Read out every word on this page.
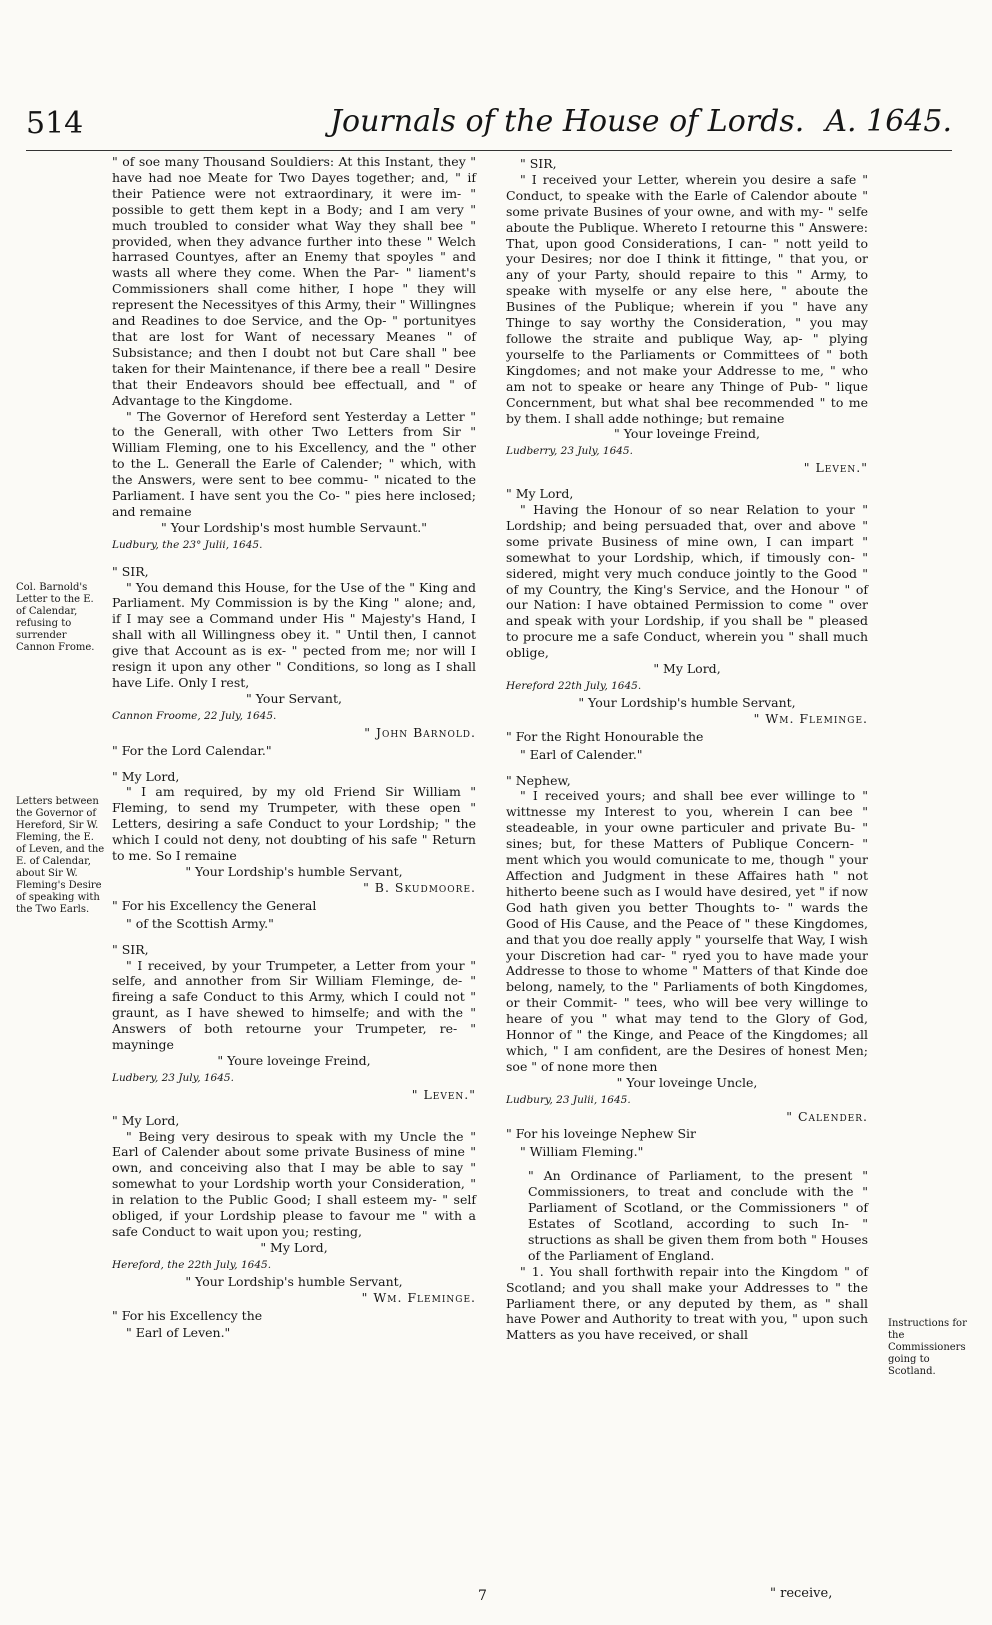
514	Journals of the House of Lords. A. 1645.
Col. Barnold's Letter to the E. of Calendar, refusing to surrender Cannon Frome.
Letters between the Governor of Hereford, Sir W. Fleming, the E. of Leven, and the E. of Calendar, about Sir W. Fleming's Desire of speaking with the Two Earls.
Instructions for the Commissioners going to Scotland.

" of soe many Thousand Souldiers: At this Instant, they " have had noe Meate for Two Dayes together; and, " if their Patience were not extraordinary, it were im- " possible to gett them kept in a Body; and I am very " much troubled to consider what Way they shall bee " provided, when they advance further into these " Welch harrased Countyes, after an Enemy that spoyles " and wasts all where they come. When the Par- " liament's Commissioners shall come hither, I hope " they will represent the Necessityes of this Army, their " Willingnes and Readines to doe Service, and the Op- " portunityes that are lost for Want of necessary Meanes " of Subsistance; and then I doubt not but Care shall " bee taken for their Maintenance, if there bee a reall " Desire that their Endeavors should bee effectuall, and " of Advantage to the Kingdome.

" The Governor of Hereford sent Yesterday a Letter " to the Generall, with other Two Letters from Sir " William Fleming, one to his Excellency, and the " other to the L. Generall the Earle of Calender; " which, with the Answers, were sent to bee commu- " nicated to the Parliament. I have sent you the Co- " pies here inclosed; and remaine

" Your Lordship's most humble Servaunt."

Ludbury, the 23° Julii, 1645.

" SIR,

" You demand this House, for the Use of the " King and Parliament. My Commission is by the King " alone; and, if I may see a Command under His " Majesty's Hand, I shall with all Willingness obey it. " Until then, I cannot give that Account as is ex- " pected from me; nor will I resign it upon any other " Conditions, so long as I shall have Life. Only I rest,

" Your Servant,

Cannon Froome, 22 July, 1645.

" John Barnold.

" For the Lord Calendar."

" My Lord,

" I am required, by my old Friend Sir William " Fleming, to send my Trumpeter, with these open " Letters, desiring a safe Conduct to your Lordship; " the which I could not deny, not doubting of his safe " Return to me. So I remaine

" Your Lordship's humble Servant,

" B. Skudmoore.

" For his Excellency the General

" of the Scottish Army."

" SIR,

" I received, by your Trumpeter, a Letter from your " selfe, and annother from Sir William Fleminge, de- " fireing a safe Conduct to this Army, which I could not " graunt, as I have shewed to himselfe; and with the " Answers of both retourne your Trumpeter, re- " mayninge

" Youre loveinge Freind,

Ludbery, 23 July, 1645.

" Leven."

" My Lord,

" Being very desirous to speak with my Uncle the " Earl of Calender about some private Business of mine " own, and conceiving also that I may be able to say " somewhat to your Lordship worth your Consideration, " in relation to the Public Good; I shall esteem my- " self obliged, if your Lordship please to favour me " with a safe Conduct to wait upon you; resting,

" My Lord,

Hereford, the 22th July, 1645.

" Your Lordship's humble Servant,

" Wm. Fleminge.

" For his Excellency the

" Earl of Leven."

" SIR,

" I received your Letter, wherein you desire a safe " Conduct, to speake with the Earle of Calendor aboute " some private Busines of your owne, and with my- " selfe aboute the Publique. Whereto I retourne this " Answere: That, upon good Considerations, I can- " nott yeild to your Desires; nor doe I think it fittinge, " that you, or any of your Party, should repaire to this " Army, to speake with myselfe or any else here, " aboute the Busines of the Publique; wherein if you " have any Thinge to say worthy the Consideration, " you may followe the straite and publique Way, ap- " plying yourselfe to the Parliaments or Committees of " both Kingdomes; and not make your Addresse to me, " who am not to speake or heare any Thinge of Pub- " lique Concernment, but what shal bee recommended " to me by them. I shall adde nothinge; but remaine

" Your loveinge Freind,

Ludberry, 23 July, 1645.

" Leven."

" My Lord,

" Having the Honour of so near Relation to your " Lordship; and being persuaded that, over and above " some private Business of mine own, I can impart " somewhat to your Lordship, which, if timously con- " sidered, might very much conduce jointly to the Good " of my Country, the King's Service, and the Honour " of our Nation: I have obtained Permission to come " over and speak with your Lordship, if you shall be " pleased to procure me a safe Conduct, wherein you " shall much oblige,

" My Lord,

Hereford 22th July, 1645.

" Your Lordship's humble Servant,

" Wm. Fleminge.

" For the Right Honourable the

" Earl of Calender."

" Nephew,

" I received yours; and shall bee ever willinge to " wittnesse my Interest to you, wherein I can bee " steadeable, in your owne particuler and private Bu- " sines; but, for these Matters of Publique Concern- " ment which you would comunicate to me, though " your Affection and Judgment in these Affaires hath " not hitherto beene such as I would have desired, yet " if now God hath given you better Thoughts to- " wards the Good of His Cause, and the Peace of " these Kingdomes, and that you doe really apply " yourselfe that Way, I wish your Discretion had car- " ryed you to have made your Addresse to those to whome " Matters of that Kinde doe belong, namely, to the " Parliaments of both Kingdomes, or their Commit- " tees, who will bee very willinge to heare of you " what may tend to the Glory of God, Honnor of " the Kinge, and Peace of the Kingdomes; all which, " I am confident, are the Desires of honest Men; soe " of none more then

" Your loveinge Uncle,

Ludbury, 23 Julii, 1645.

" Calender.

" For his loveinge Nephew Sir

" William Fleming."

" An Ordinance of Parliament, to the present " Commissioners, to treat and conclude with the " Parliament of Scotland, or the Commissioners " of Estates of Scotland, according to such In- " structions as shall be given them from both " Houses of the Parliament of England.

" 1. You shall forthwith repair into the Kingdom " of Scotland; and you shall make your Addresses to " the Parliament there, or any deputed by them, as " shall have Power and Authority to treat with you, " upon such Matters as you have received, or shall

7	" receive,
